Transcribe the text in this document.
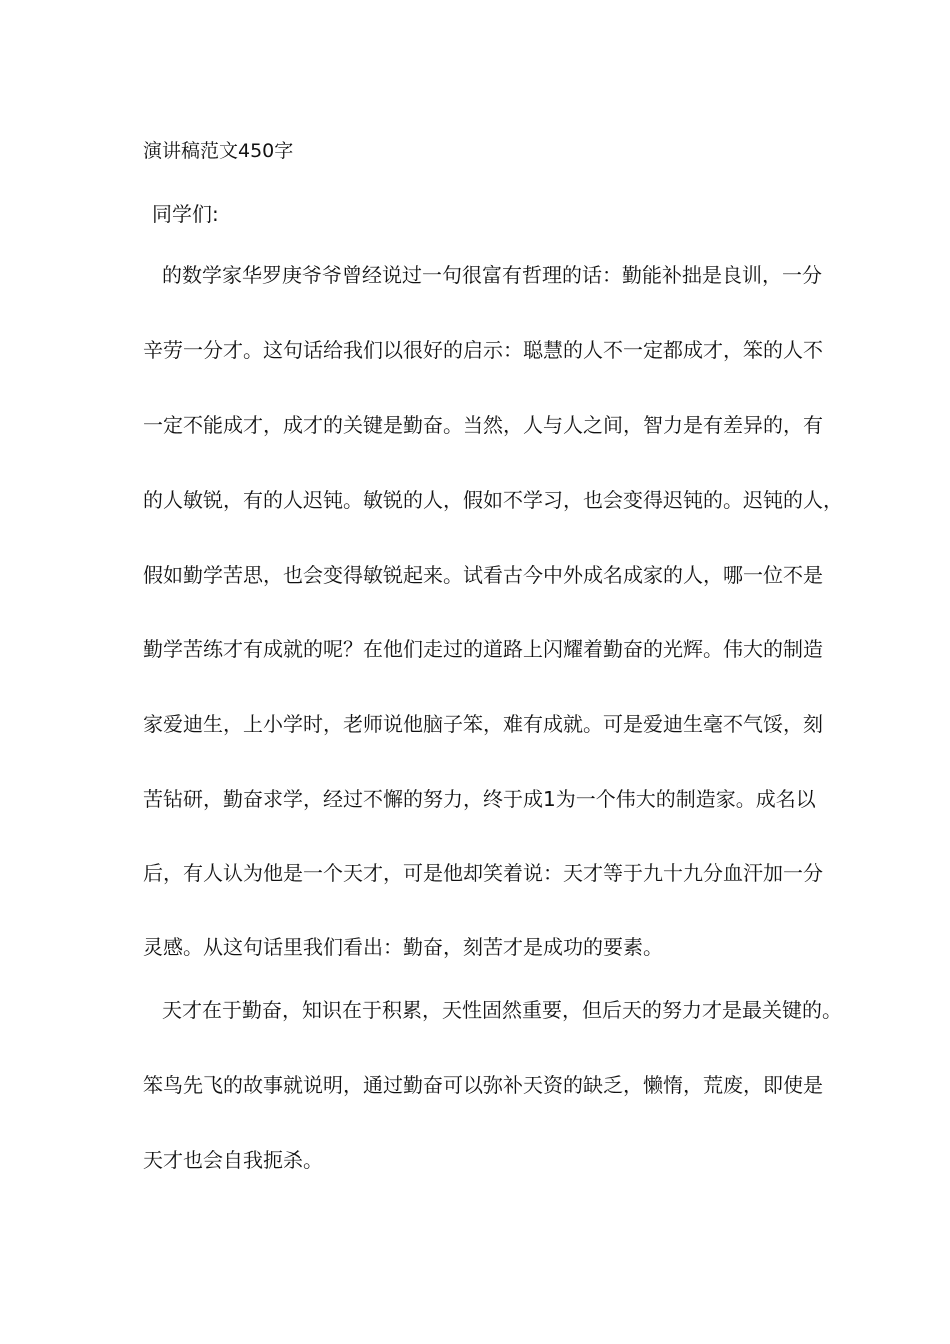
演讲稿范文450字
同学们:
的数学家华罗庚爷爷曾经说过一句很富有哲理的话：勤能补拙是良训，一分
辛劳一分才。这句话给我们以很好的启示：聪慧的人不一定都成才，笨的人不
一定不能成才，成才的关键是勤奋。当然，人与人之间，智力是有差异的，有
的人敏锐，有的人迟钝。敏锐的人，假如不学习，也会变得迟钝的。迟钝的人，
假如勤学苦思，也会变得敏锐起来。试看古今中外成名成家的人，哪一位不是
勤学苦练才有成就的呢？在他们走过的道路上闪耀着勤奋的光辉。伟大的制造
家爱迪生，上小学时，老师说他脑子笨，难有成就。可是爱迪生毫不气馁，刻
苦钻研，勤奋求学，经过不懈的努力，终于成1为一个伟大的制造家。成名以
后，有人认为他是一个天才，可是他却笑着说：天才等于九十九分血汗加一分
灵感。从这句话里我们看出：勤奋，刻苦才是成功的要素。
天才在于勤奋，知识在于积累，天性固然重要，但后天的努力才是最关键的。
笨鸟先飞的故事就说明，通过勤奋可以弥补天资的缺乏，懒惰，荒废，即使是
天才也会自我扼杀。
